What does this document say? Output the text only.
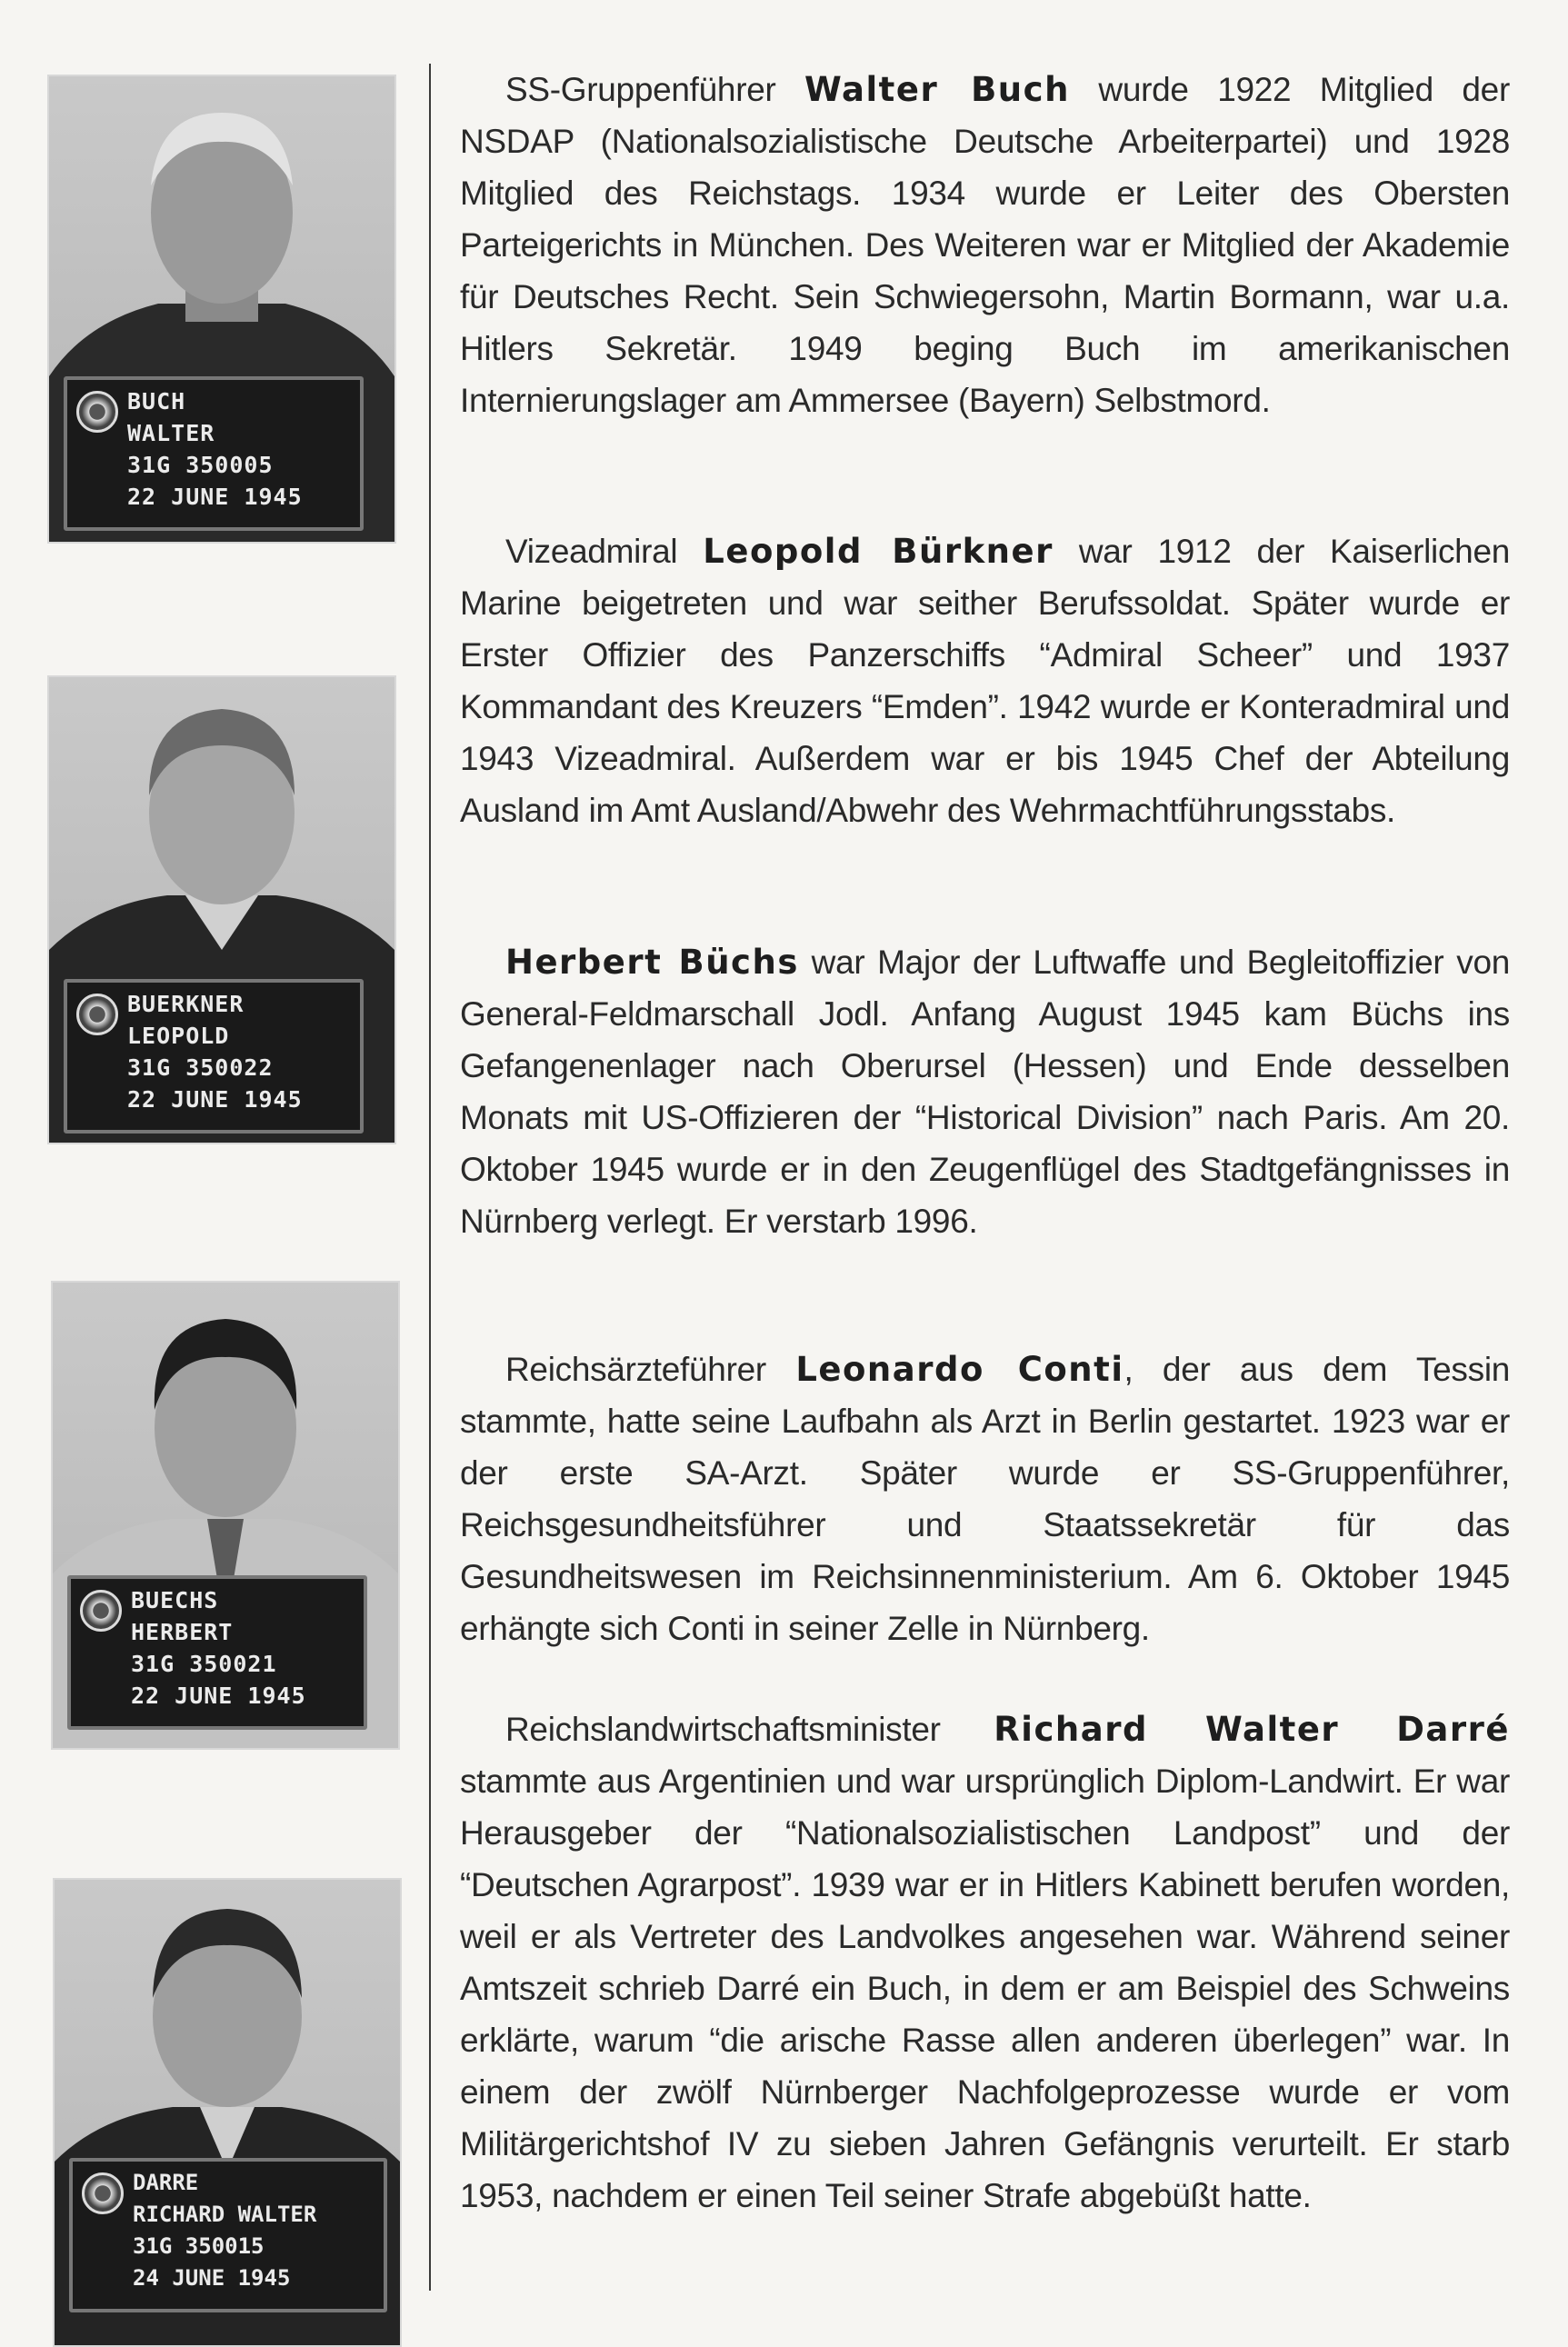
BUCH
WALTER
31G 350005
22 JUNE 1945
BUERKNER
LEOPOLD
31G 350022
22 JUNE 1945
BUECHS
HERBERT
31G 350021
22 JUNE 1945
DARRE
RICHARD WALTER
31G 350015
24 JUNE 1945

SS-Gruppenführer Walter Buch wurde 1922 Mitglied der NSDAP (Nationalsozialistische Deutsche Arbeiterpartei) und 1928 Mitglied des Reichstags. 1934 wurde er Leiter des Obersten Parteigerichts in München. Des Weiteren war er Mitglied der Akademie für Deutsches Recht. Sein Schwiegersohn, Martin Bormann, war u.a. Hitlers Sekretär. 1949 beging Buch im amerikanischen Internierungslager am Ammersee (Bayern) Selbstmord.

Vizeadmiral Leopold Bürkner war 1912 der Kaiserlichen Marine beigetreten und war seither Berufssoldat. Später wurde er Erster Offizier des Panzerschiffs “Admiral Scheer” und 1937 Kommandant des Kreuzers “Emden”. 1942 wurde er Konteradmiral und 1943 Vizeadmiral. Außerdem war er bis 1945 Chef der Abteilung Ausland im Amt Ausland/Abwehr des Wehrmachtführungsstabs.

Herbert Büchs war Major der Luftwaffe und Begleitoffizier von General-Feldmarschall Jodl. Anfang August 1945 kam Büchs ins Gefangenenlager nach Oberursel (Hessen) und Ende desselben Monats mit US-Offizieren der “Historical Division” nach Paris. Am 20. Oktober 1945 wurde er in den Zeugenflügel des Stadtgefängnisses in Nürnberg verlegt. Er verstarb 1996.

Reichsärzteführer Leonardo Conti, der aus dem Tessin stammte, hatte seine Laufbahn als Arzt in Berlin gestartet. 1923 war er der erste SA-Arzt. Später wurde er SS-Gruppenführer, Reichsgesundheitsführer und Staatssekretär für das Gesundheitswesen im Reichsinnenministerium. Am 6. Oktober 1945 erhängte sich Conti in seiner Zelle in Nürnberg.

Reichslandwirtschaftsminister Richard Walter Darré stammte aus Argentinien und war ursprünglich Diplom-Landwirt. Er war Herausgeber der “Nationalsozialistischen Landpost” und der “Deutschen Agrarpost”. 1939 war er in Hitlers Kabinett berufen worden, weil er als Vertreter des Landvolkes angesehen war. Während seiner Amtszeit schrieb Darré ein Buch, in dem er am Beispiel des Schweins erklärte, warum “die arische Rasse allen anderen überlegen” war. In einem der zwölf Nürnberger Nachfolgeprozesse wurde er vom Militärgerichtshof IV zu sieben Jahren Gefängnis verurteilt. Er starb 1953, nachdem er einen Teil seiner Strafe abgebüßt hatte.
